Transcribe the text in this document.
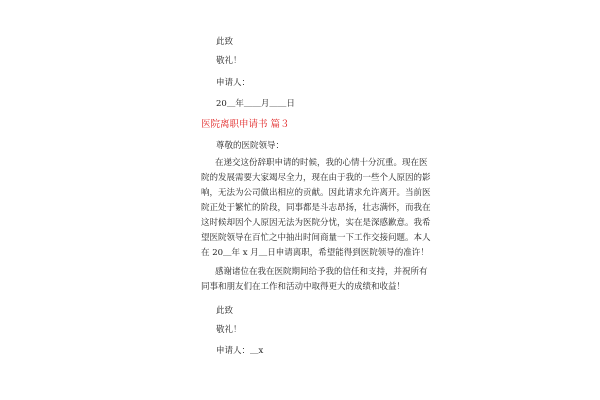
此致
敬礼！
申请人：
20＿年＿＿月＿＿日
医院离职申请书 篇３
尊敬的医院领导：
在递交这份辞职申请的时候，我的心情十分沉重。现在医
院的发展需要大家竭尽全力，现在由于我的一些个人原因的影
响，无法为公司做出相应的贡献。因此请求允许离开。当前医
院正处于繁忙的阶段，同事都是斗志昂扬，壮志满怀，而我在
这时候却因个人原因无法为医院分忧，实在是深感歉意。我希
望医院领导在百忙之中抽出时间商量一下工作交接问题。本人
在 20＿年 x 月＿日申请离职，希望能得到医院领导的准许！
感谢诸位在我在医院期间给予我的信任和支持，并祝所有
同事和朋友们在工作和活动中取得更大的成绩和收益！
此致
敬礼！
申请人：＿x
